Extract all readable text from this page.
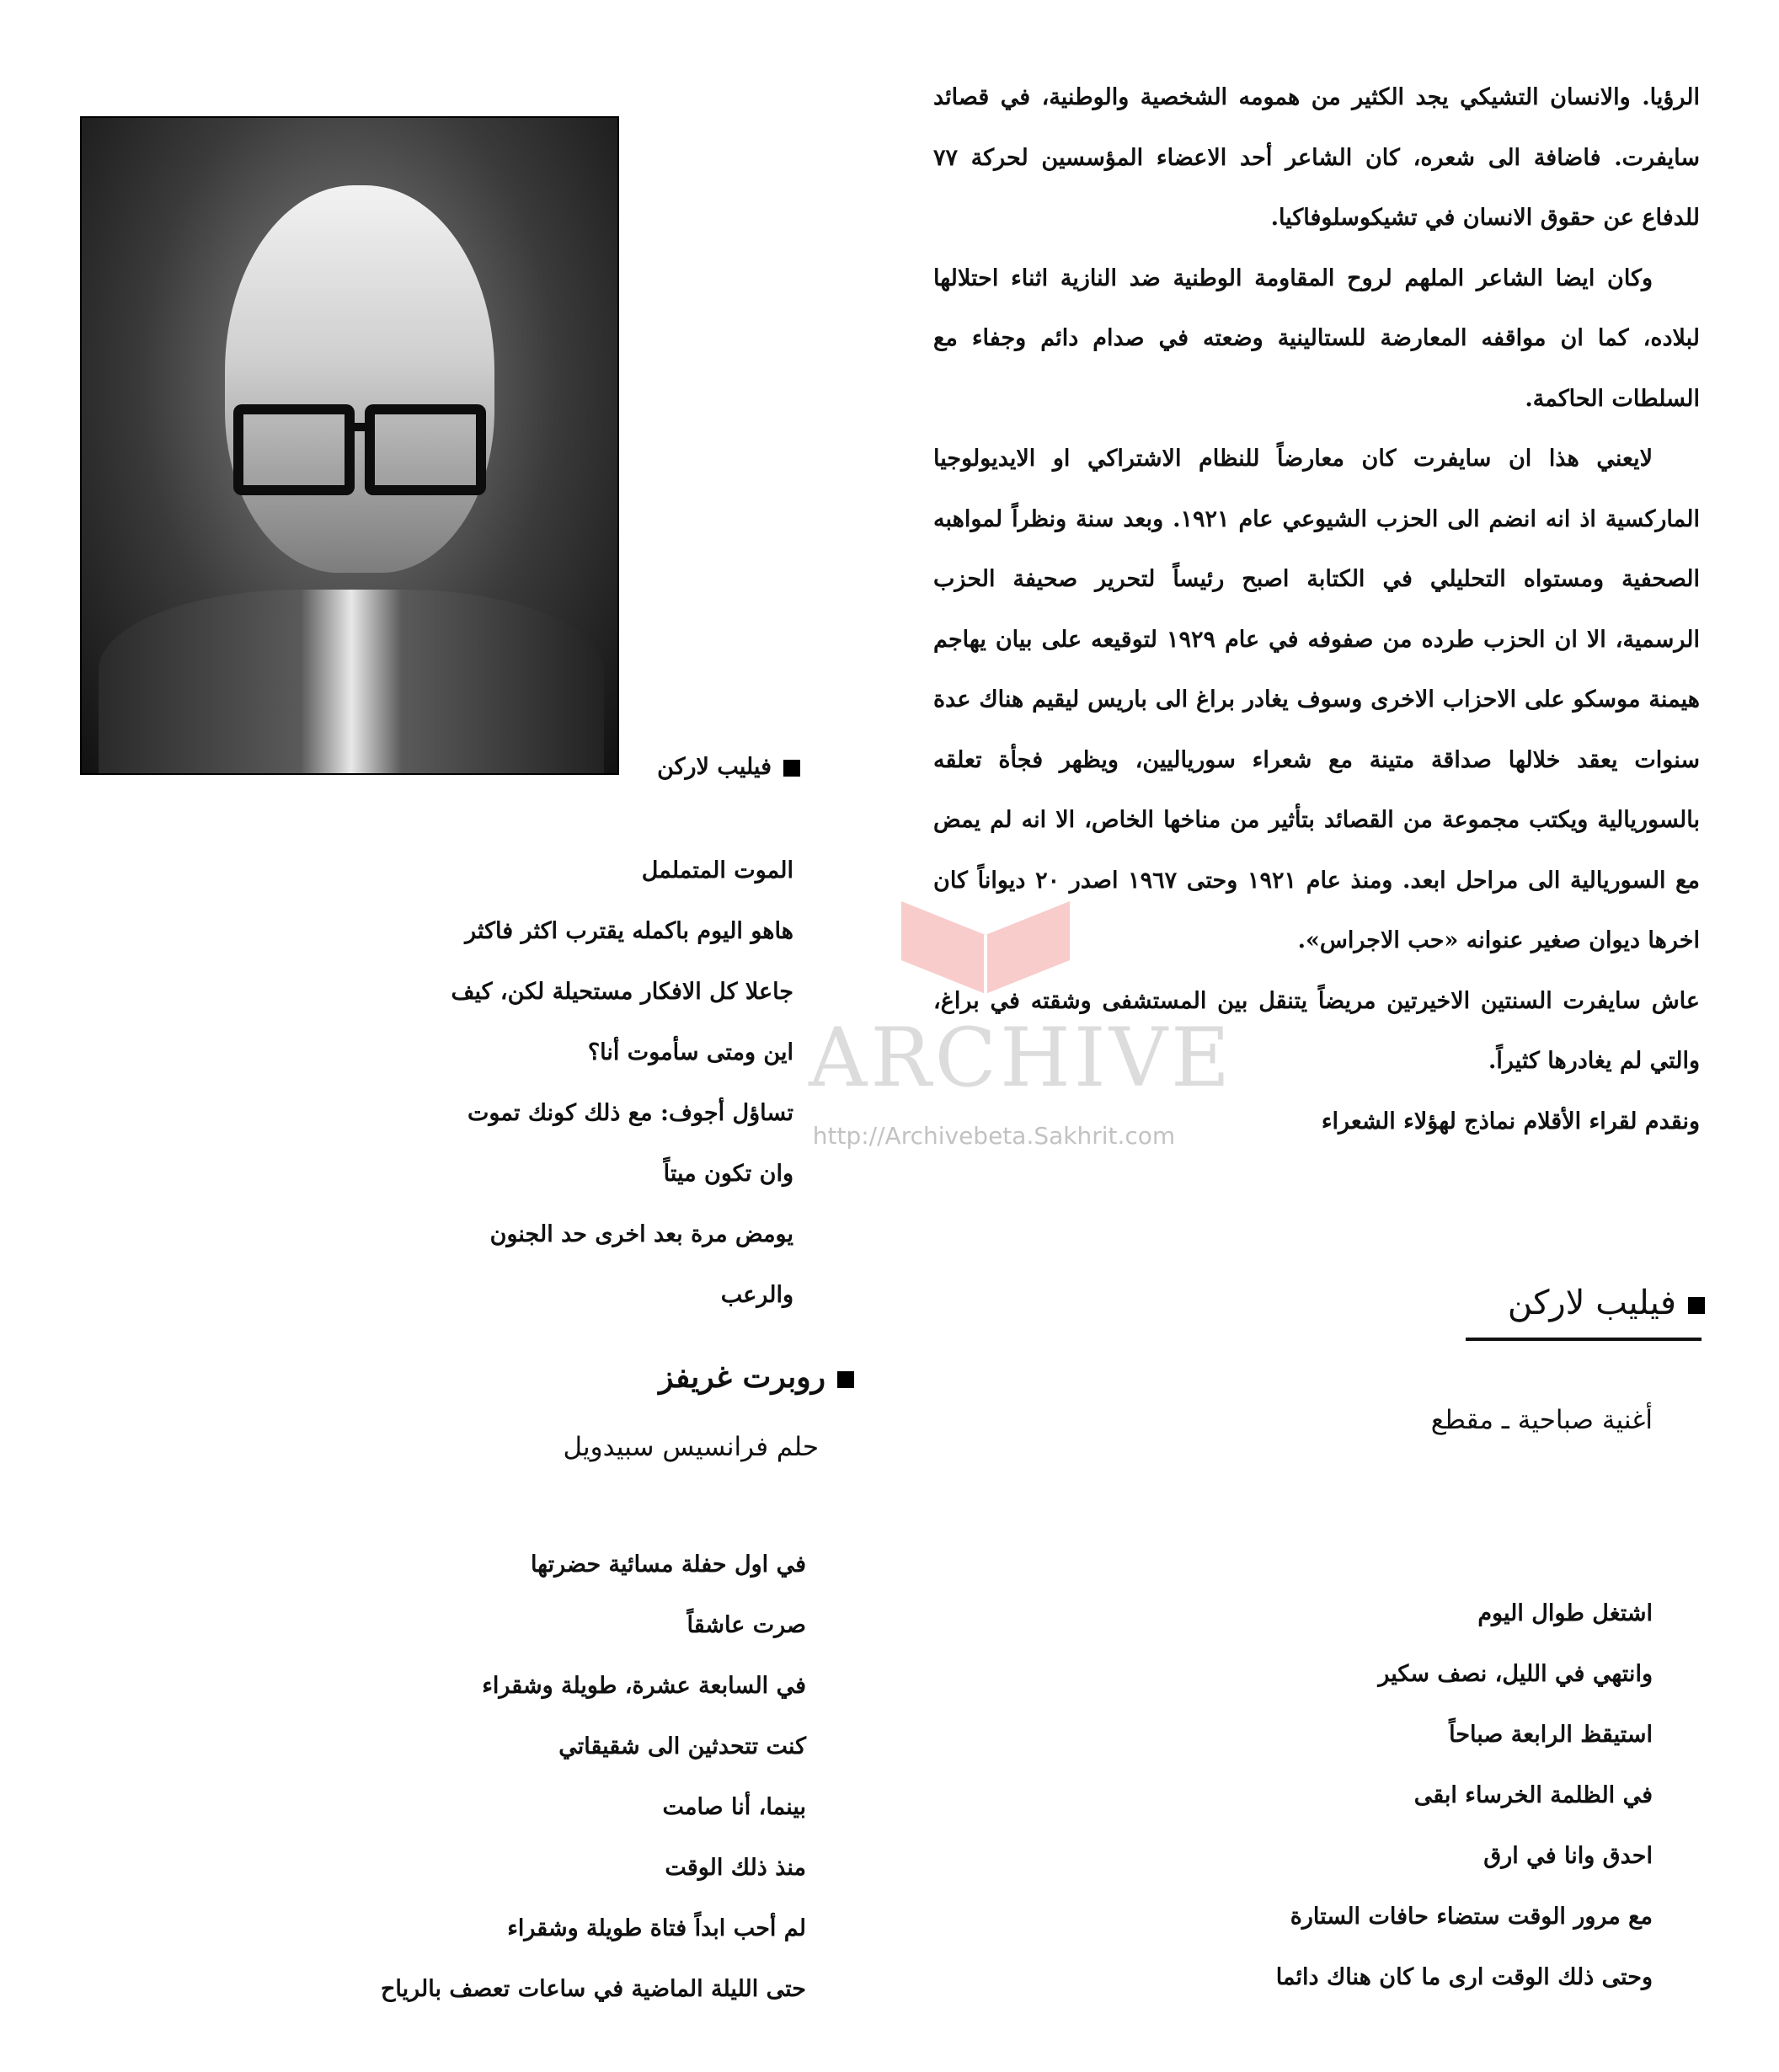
الرؤيا. والانسان التشيكي يجد الكثير من همومه الشخصية والوطنية، في قصائد سايفرت. فاضافة الى شعره، كان الشاعر أحد الاعضاء المؤسسين لحركة ٧٧ للدفاع عن حقوق الانسان في تشيكوسلوفاكيا.

وكان ايضا الشاعر الملهم لروح المقاومة الوطنية ضد النازية اثناء احتلالها لبلاده، كما ان مواقفه المعارضة للستالينية وضعته في صدام دائم وجفاء مع السلطات الحاكمة.

لايعني هذا ان سايفرت كان معارضاً للنظام الاشتراكي او الايديولوجيا الماركسية اذ انه انضم الى الحزب الشيوعي عام ١٩٢١. وبعد سنة ونظراً لمواهبه الصحفية ومستواه التحليلي في الكتابة اصبح رئيساً لتحرير صحيفة الحزب الرسمية، الا ان الحزب طرده من صفوفه في عام ١٩٢٩ لتوقيعه على بيان يهاجم هيمنة موسكو على الاحزاب الاخرى وسوف يغادر براغ الى باريس ليقيم هناك عدة سنوات يعقد خلالها صداقة متينة مع شعراء سورياليين، ويظهر فجأة تعلقه بالسوريالية ويكتب مجموعة من القصائد بتأثير من مناخها الخاص، الا انه لم يمض مع السوريالية الى مراحل ابعد. ومنذ عام ١٩٢١ وحتى ١٩٦٧ اصدر ٢٠ ديواناً كان اخرها ديوان صغير عنوانه «حب الاجراس».

عاش سايفرت السنتين الاخيرتين مريضاً يتنقل بين المستشفى وشقته في براغ، والتي لم يغادرها كثيراً.

ونقدم لقراء الأقلام نماذج لهؤلاء الشعراء

فيليب لاركن
الموت المتململ
هاهو اليوم باكمله يقترب اكثر فاكثر
جاعلا كل الافكار مستحيلة لكن، كيف
اين ومتى سأموت أنا؟
تساؤل أجوف: مع ذلك كونك تموت
وان تكون ميتاً
يومض مرة بعد اخرى حد الجنون
والرعب
روبرت غريفز
حلم فرانسيس سبيدويل
في اول حفلة مسائية حضرتها
صرت عاشقاً
في السابعة عشرة، طويلة وشقراء
كنت تتحدثين الى شقيقاتي
بينما، أنا صامت
منذ ذلك الوقت
لم أحب ابداً فتاة طويلة وشقراء
حتى الليلة الماضية في ساعات تعصف بالرياح
فيليب لاركن
أغنية صباحية ـ مقطع
اشتغل طوال اليوم
وانتهي في الليل، نصف سكير
استيقظ الرابعة صباحاً
في الظلمة الخرساء ابقى
احدق وانا في ارق
مع مرور الوقت ستضاء حافات الستارة
وحتى ذلك الوقت ارى ما كان هناك دائما
ARCHIVE
http://Archivebeta.Sakhrit.com
